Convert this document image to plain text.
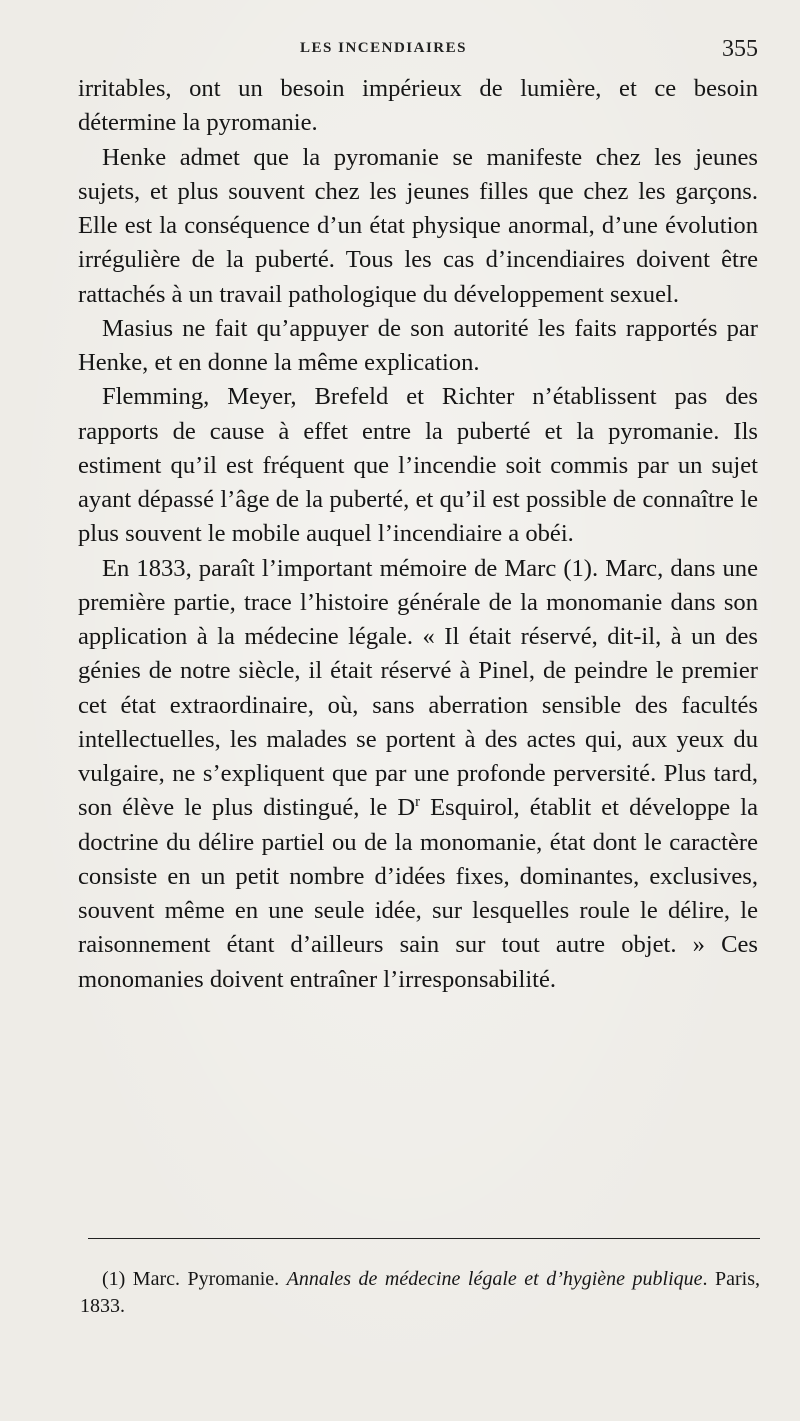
LES INCENDIAIRES	355

irritables, ont un besoin impérieux de lumière, et ce besoin détermine la pyromanie.

Henke admet que la pyromanie se manifeste chez les jeunes sujets, et plus souvent chez les jeunes filles que chez les garçons. Elle est la conséquence d’un état physique anormal, d’une évolution irrégulière de la puberté. Tous les cas d’incendiaires doivent être rattachés à un travail pathologique du développement sexuel.

Masius ne fait qu’appuyer de son autorité les faits rapportés par Henke, et en donne la même explication.

Flemming, Meyer, Brefeld et Richter n’établissent pas des rapports de cause à effet entre la puberté et la pyromanie. Ils estiment qu’il est fréquent que l’incendie soit commis par un sujet ayant dépassé l’âge de la puberté, et qu’il est possible de connaître le plus souvent le mobile auquel l’incendiaire a obéi.

En 1833, paraît l’important mémoire de Marc (1). Marc, dans une première partie, trace l’histoire générale de la monomanie dans son application à la médecine légale. « Il était réservé, dit-il, à un des génies de notre siècle, il était réservé à Pinel, de peindre le premier cet état extraordinaire, où, sans aberration sensible des facultés intellectuelles, les malades se portent à des actes qui, aux yeux du vulgaire, ne s’expliquent que par une profonde perversité. Plus tard, son élève le plus distingué, le $D^r$ Esquirol, établit et développe la doctrine du délire partiel ou de la monomanie, état dont le caractère consiste en un petit nombre d’idées fixes, dominantes, exclusives, souvent même en une seule idée, sur lesquelles roule le délire, le raisonnement étant d’ailleurs sain sur tout autre objet. » Ces monomanies doivent entraîner l’irresponsabilité.

(1) Marc. Pyromanie. Annales de médecine légale et d’hygiène publique. Paris, 1833.
